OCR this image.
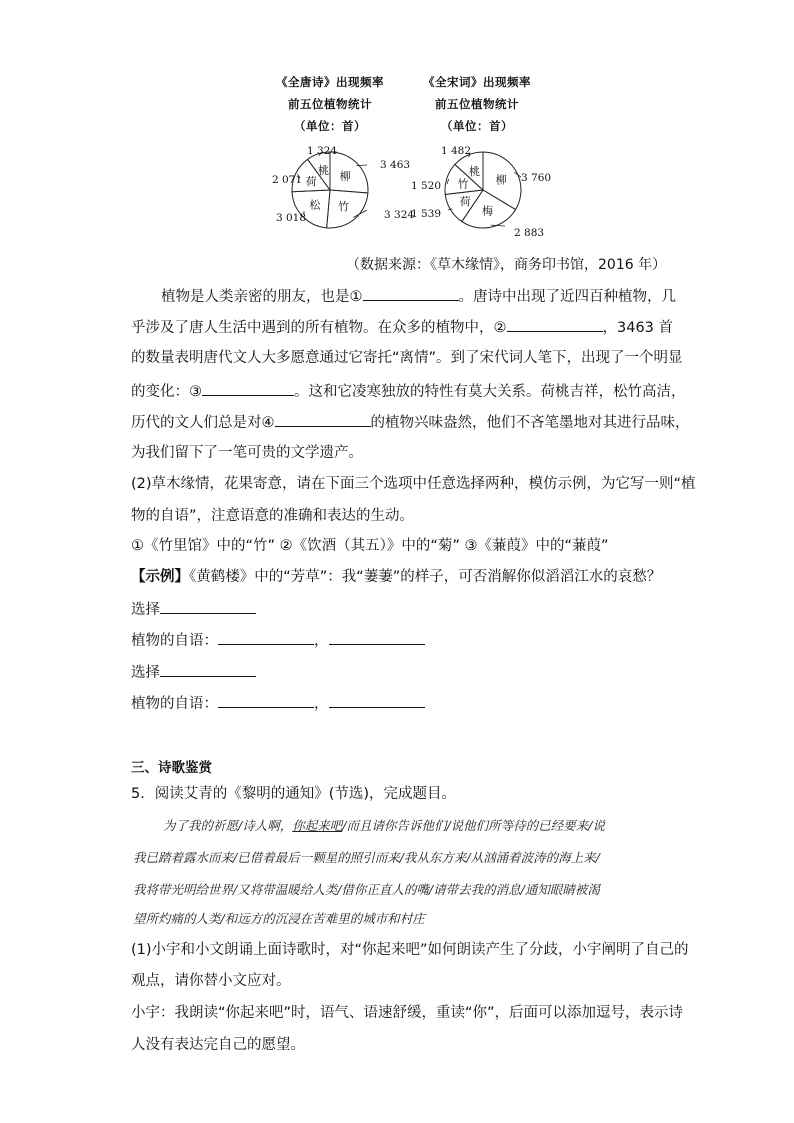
《全唐诗》出现频率
前五位植物统计
（单位：首）
《全宋词》出现频率
前五位植物统计
（单位：首）
柳
3 463
竹
3 324
松
3 018
荷
2 071
桃
1 324
柳 3 760
梅
2 883
荷
1 539
竹
1 520
桃
1 482
（数据来源：《草木缘情》，商务印书馆，2016 年）
植物是人类亲密的朋友，也是①	。唐诗中出现了近四百种植物，几
乎涉及了唐人生活中遇到的所有植物。在众多的植物中，②	，3463 首
的数量表明唐代文人大多愿意通过它寄托“离情”。到了宋代词人笔下，出现了一个明显
的变化：③	。这和它凌寒独放的特性有莫大关系。荷桃吉祥，松竹高洁，
历代的文人们总是对④	的植物兴味盎然，他们不吝笔墨地对其进行品味，
为我们留下了一笔可贵的文学遗产。
(2)草木缘情，花果寄意，请在下面三个选项中任意选择两种，模仿示例，为它写一则“植
物的自语”，注意语意的准确和表达的生动。
①《竹里馆》中的“竹” ②《饮酒（其五）》中的“菊” ③《蒹葭》中的“蒹葭”
【示例】《黄鹤楼》中的“芳草”：我“萋萋”的样子，可否消解你似滔滔江水的哀愁？
选择
植物的自语：	，
选择
植物的自语：	，
三、诗歌鉴赏
5．阅读艾青的《黎明的通知》(节选)，完成题目。
为了我的祈愿/诗人啊，你起来吧/而且请你告诉他们/说他们所等待的已经要来/说
我已踏着露水而来/已借着最后一颗星的照引而来/我从东方来/从汹涌着波涛的海上来/
我将带光明给世界/又将带温暖给人类/借你正直人的嘴/请带去我的消息/通知眼睛被渴
望所灼痛的人类/和远方的沉浸在苦难里的城市和村庄
(1)小宇和小文朗诵上面诗歌时，对“你起来吧”如何朗读产生了分歧，小宇阐明了自己的
观点，请你替小文应对。
小宇：我朗读“你起来吧”时，语气、语速舒缓，重读“你”，后面可以添加逗号，表示诗
人没有表达完自己的愿望。
